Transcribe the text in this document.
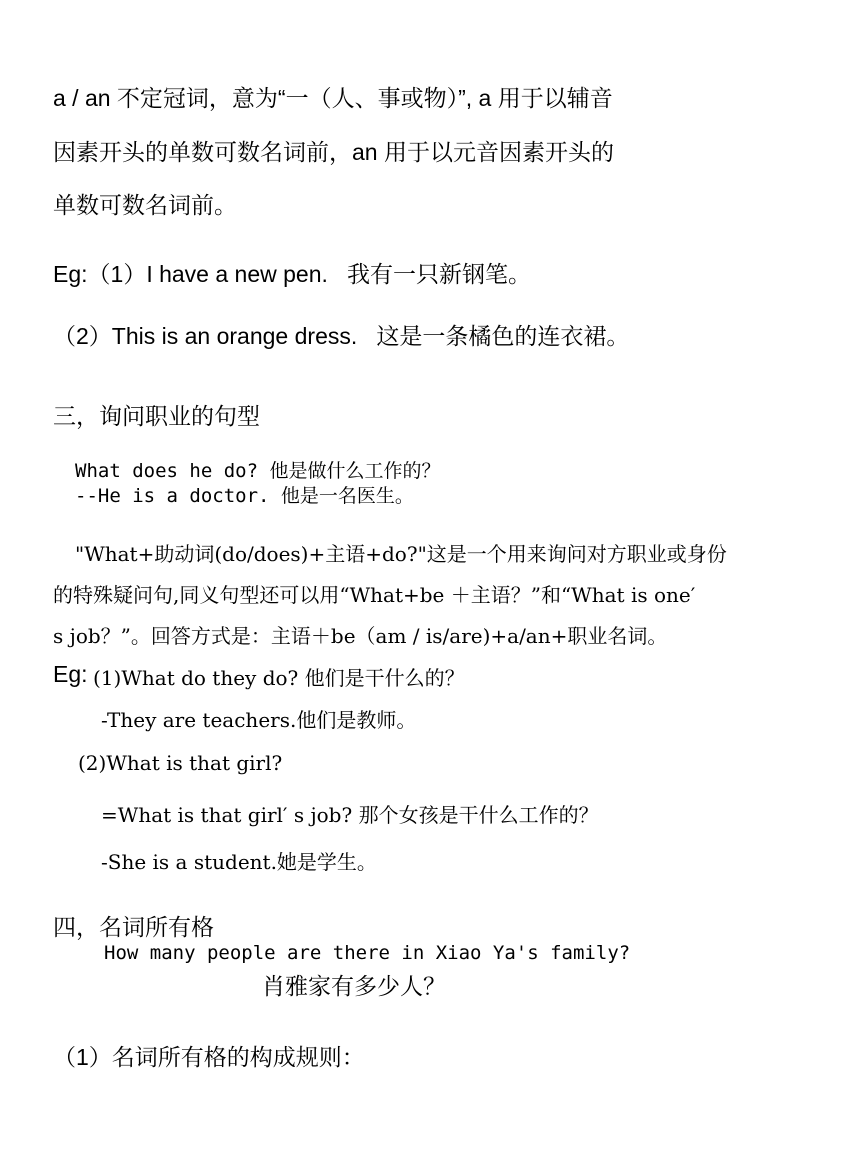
a / an 不定冠词，意为“一（人、事或物）”, a 用于以辅音

因素开头的单数可数名词前，an 用于以元音因素开头的

单数可数名词前。

Eg:（1）I have a new pen.   我有一只新钢笔。

（2）This is an orange dress.   这是一条橘色的连衣裙。

三，询问职业的句型

What does he do? 他是做什么工作的？

--He is a doctor. 他是一名医生。

"What+助动词(do/does)+主语+do?"这是一个用来询问对方职业或身份

的特殊疑问句,同义句型还可以用“What+be ＋主语？”和“What is one′

s job？”。回答方式是：主语＋be（am / is/are)+a/an+职业名词。

Eg: (1)What do they do? 他们是干什么的？

-They are teachers.他们是教师。

(2)What is that girl?

=What is that girl′ s job? 那个女孩是干什么工作的？

-She is a student.她是学生。

四，名词所有格

How many people are there in Xiao Ya's family?

肖雅家有多少人？

（1）名词所有格的构成规则：
